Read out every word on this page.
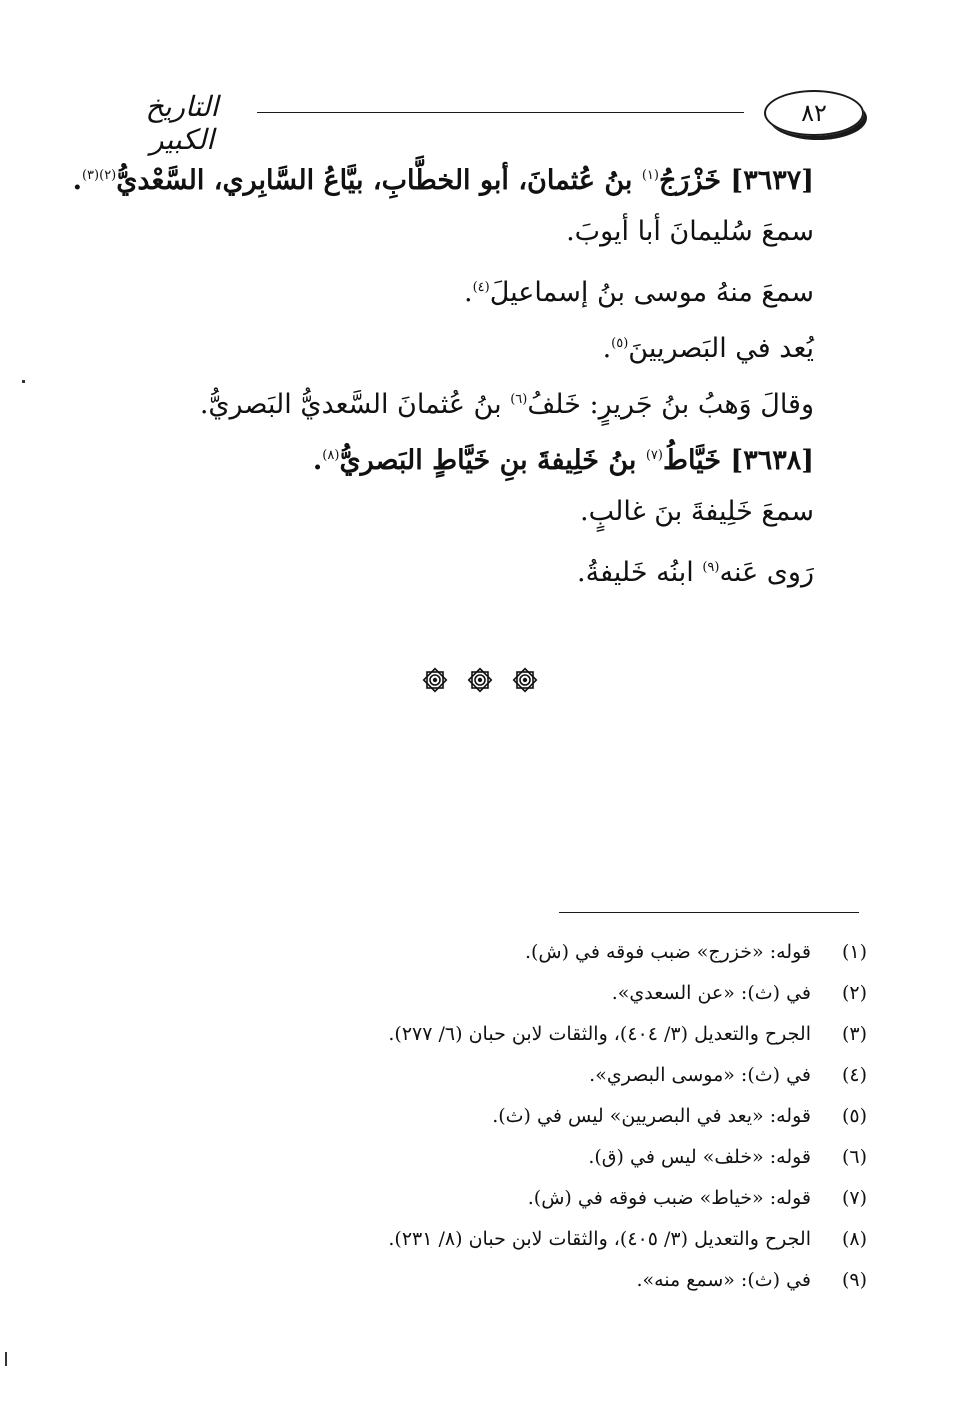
التاريخ الكبير
٨٢
[٣٦٣٧] خَزْرَجُ$^{(١)}$ بنُ عُثمانَ، أبو الخطَّابِ، بيَّاعُ السَّابِري، السَّعْديُّ$^{(٢)(٣)}$.
سمعَ سُليمانَ أبا أيوبَ.
سمعَ منهُ موسى بنُ إسماعيلَ$^{(٤)}$.
يُعد في البَصريينَ$^{(٥)}$.
وقالَ وَهبُ بنُ جَريرٍ: خَلفُ$^{(٦)}$ بنُ عُثمانَ السَّعديُّ البَصريُّ.
[٣٦٣٨] خَيَّاطُ$^{(٧)}$ بنُ خَلِيفةَ بنِ خَيَّاطٍ البَصريُّ$^{(٨)}$.
سمعَ خَلِيفةَ بنَ غالبٍ.
رَوى عَنه$^{(٩)}$ ابنُه خَليفةُ.
(١)
قوله: «خزرج» ضبب فوقه في (ش).
(٢)
في (ث): «عن السعدي».
(٣)
الجرح والتعديل (٣/ ٤٠٤)، والثقات لابن حبان (٦/ ٢٧٧).
(٤)
في (ث): «موسى البصري».
(٥)
قوله: «يعد في البصريين» ليس في (ث).
(٦)
قوله: «خلف» ليس في (ق).
(٧)
قوله: «خياط» ضبب فوقه في (ش).
(٨)
الجرح والتعديل (٣/ ٤٠٥)، والثقات لابن حبان (٨/ ٢٣١).
(٩)
في (ث): «سمع منه».
